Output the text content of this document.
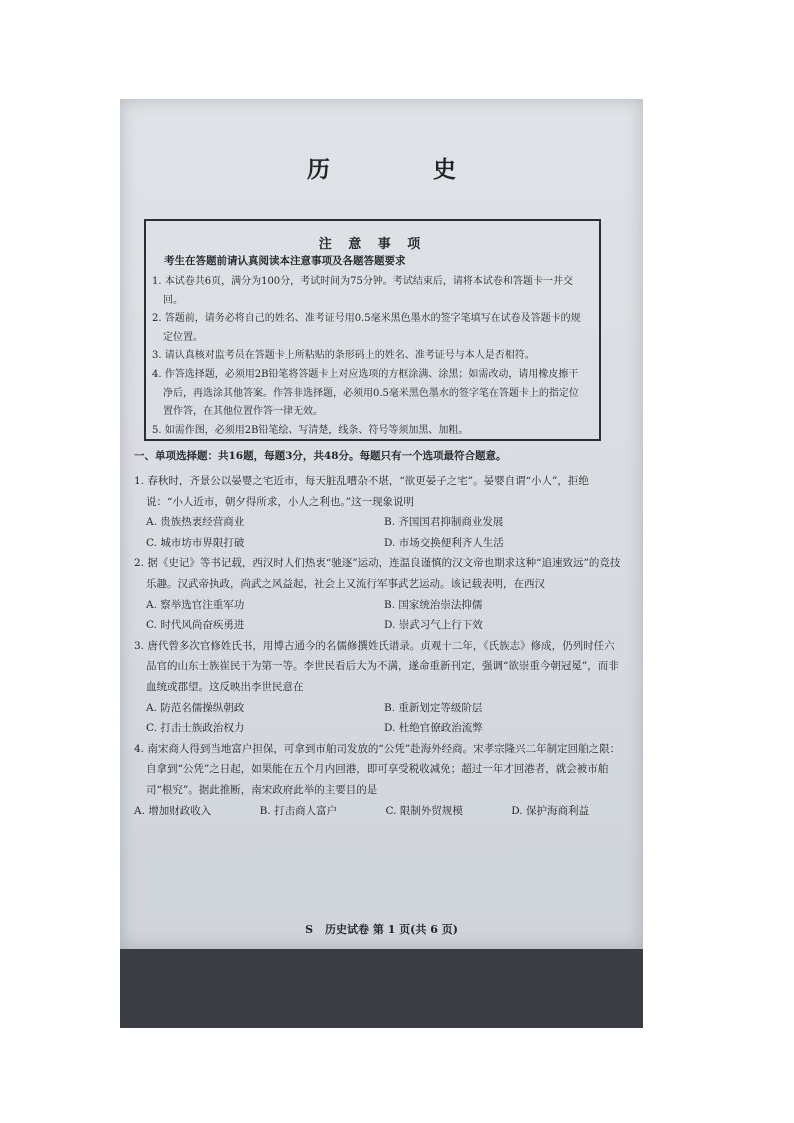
历　史
注 意 事 项
考生在答题前请认真阅读本注意事项及各题答题要求
1. 本试卷共6页，满分为100分，考试时间为75分钟。考试结束后，请将本试卷和答题卡一并交回。
2. 答题前，请务必将自己的姓名、准考证号用0.5毫米黑色墨水的签字笔填写在试卷及答题卡的规定位置。
3. 请认真核对监考员在答题卡上所粘贴的条形码上的姓名、准考证号与本人是否相符。
4. 作答选择题，必须用2B铅笔将答题卡上对应选项的方框涂满、涂黑；如需改动，请用橡皮擦干净后，再选涂其他答案。作答非选择题，必须用0.5毫米黑色墨水的签字笔在答题卡上的指定位置作答，在其他位置作答一律无效。
5. 如需作图，必须用2B铅笔绘、写清楚，线条、符号等须加黑、加粗。
一、单项选择题：共16题，每题3分，共48分。每题只有一个选项最符合题意。
1. 春秋时，齐景公以晏婴之宅近市，每天脏乱嘈杂不堪，“欲更晏子之宅”。晏婴自谓“小人”，拒绝说：“小人近市，朝夕得所求，小人之利也。”这一现象说明
A. 贵族热衷经营商业	B. 齐国国君抑制商业发展
C. 城市坊市界限打破	D. 市场交换便利齐人生活
2. 据《史记》等书记载，西汉时人们热衷“驰逐”运动，连温良谨慎的汉文帝也期求这种“追速致远”的竞技乐趣。汉武帝执政，尚武之风益起，社会上又流行军事武艺运动。该记载表明，在西汉
A. 察举选官注重军功	B. 国家统治崇法抑儒
C. 时代风尚奋疾勇进	D. 崇武习气上行下效
3. 唐代曾多次官修姓氏书，用博古通今的名儒修撰姓氏谱录。贞观十二年，《氏族志》修成，仍列时任六品官的山东士族崔民干为第一等。李世民看后大为不满，遂命重新刊定，强调“欲崇重今朝冠冕”，而非血统或郡望。这反映出李世民意在
A. 防范名儒操纵朝政	B. 重新划定等级阶层
C. 打击士族政治权力	D. 杜绝官僚政治流弊
4. 南宋商人得到当地富户担保，可拿到市舶司发放的“公凭”赴海外经商。宋孝宗隆兴二年制定回舶之限：自拿到“公凭”之日起，如果能在五个月内回港，即可享受税收减免；超过一年才回港者，就会被市舶司“根究”。据此推断，南宋政府此举的主要目的是
A. 增加财政收入	B. 打击商人富户	C. 限制外贸规模	D. 保护海商利益
S 历史试卷 第 1 页(共 6 页)
